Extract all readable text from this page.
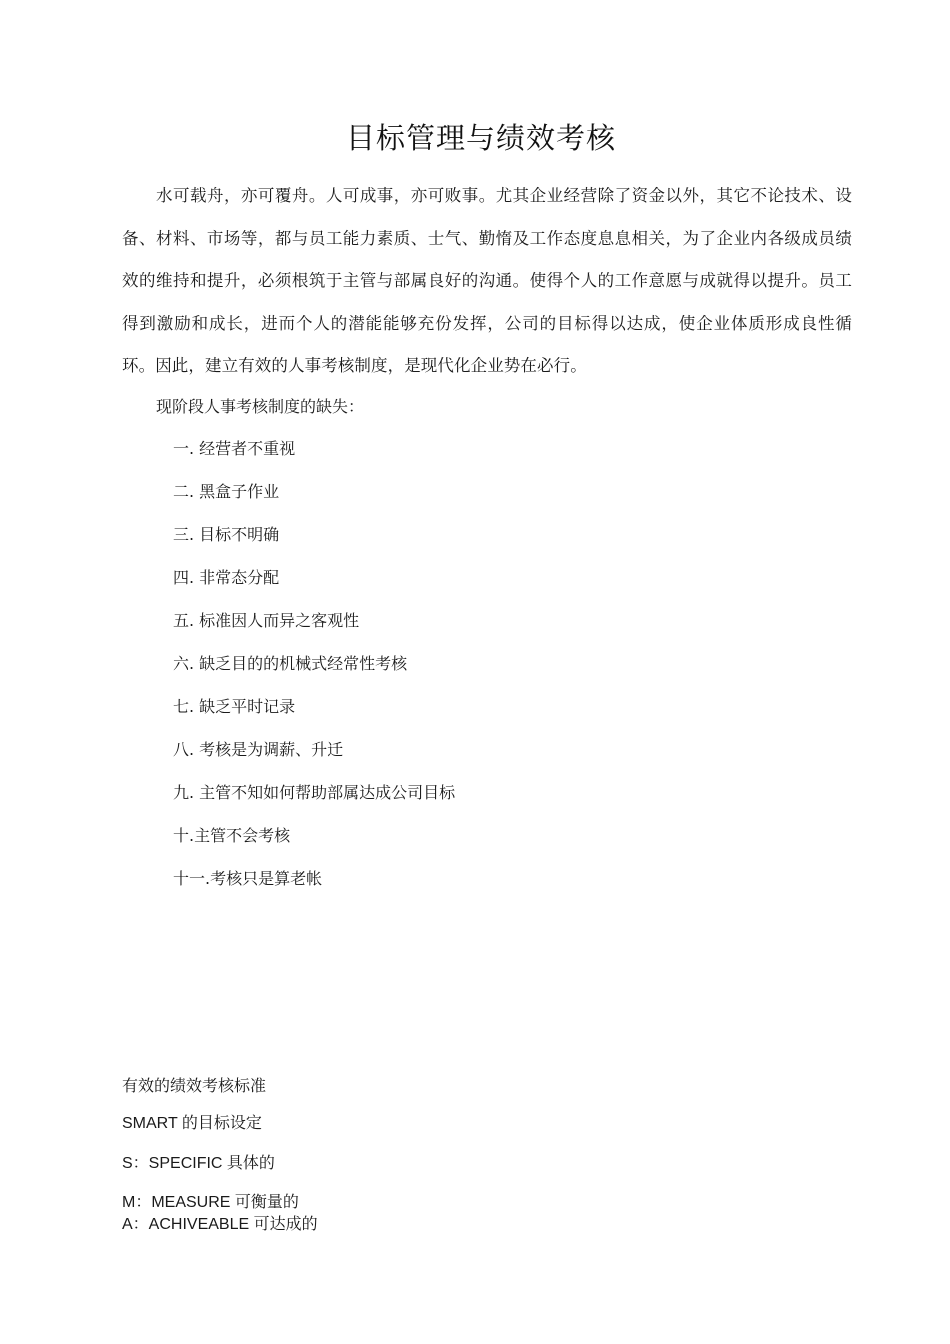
目标管理与绩效考核
水可载舟，亦可覆舟。人可成事，亦可败事。尤其企业经营除了资金以外，其它不论技术、设备、材料、市场等，都与员工能力素质、士气、勤惰及工作态度息息相关，为了企业内各级成员绩效的维持和提升，必须根筑于主管与部属良好的沟通。使得个人的工作意愿与成就得以提升。员工得到激励和成长，进而个人的潜能能够充份发挥，公司的目标得以达成，使企业体质形成良性循环。因此，建立有效的人事考核制度，是现代化企业势在必行。
现阶段人事考核制度的缺失：
一. 经营者不重视
二. 黑盒子作业
三. 目标不明确
四. 非常态分配
五. 标准因人而异之客观性
六. 缺乏目的的机械式经常性考核
七. 缺乏平时记录
八. 考核是为调薪、升迁
九. 主管不知如何帮助部属达成公司目标
十.主管不会考核
十一.考核只是算老帐
有效的绩效考核标准
SMART 的目标设定
S：SPECIFIC 具体的
M：MEASURE 可衡量的
A：ACHIVEABLE 可达成的
